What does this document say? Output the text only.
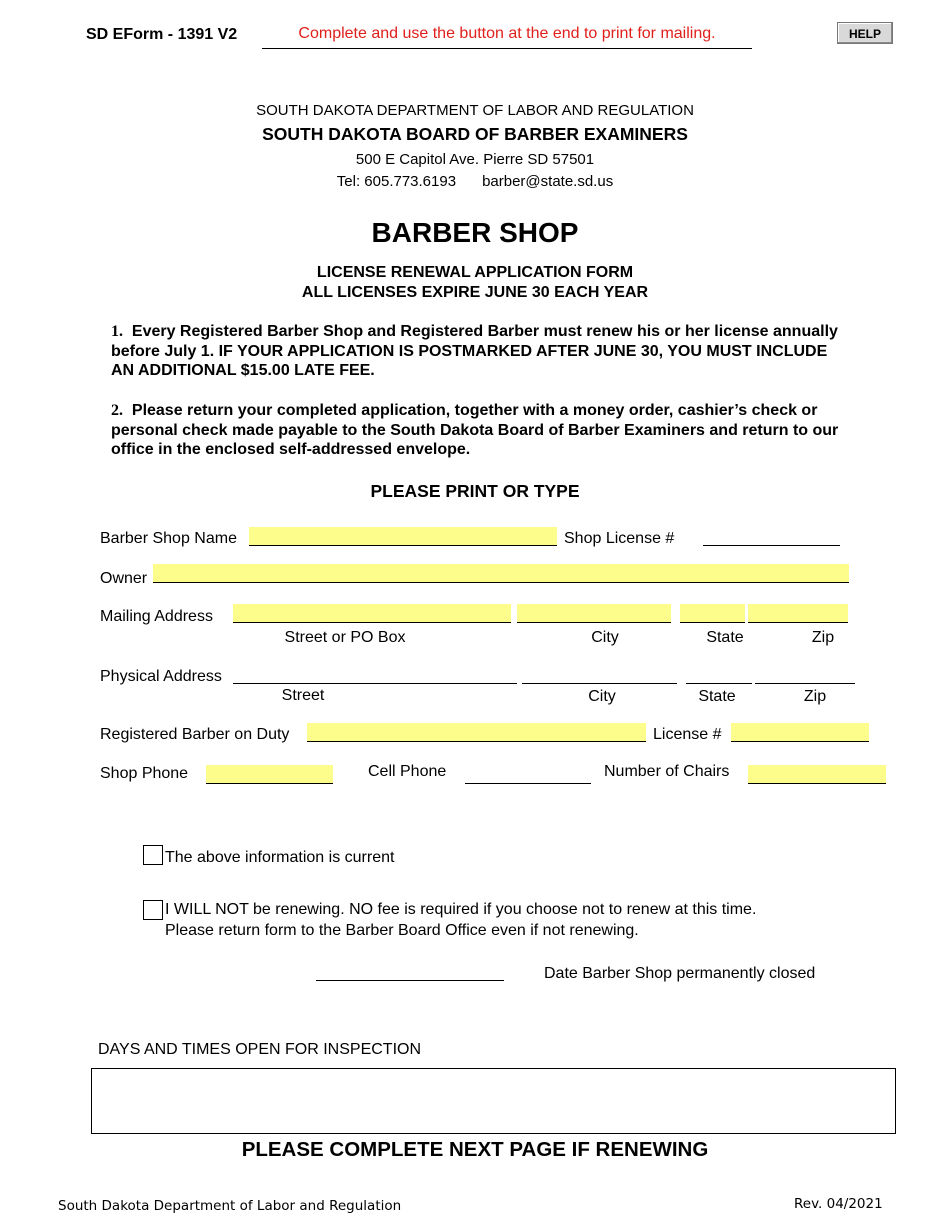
SD EForm - 1391 V2	Complete and use the button at the end to print for mailing.	HELP
SOUTH DAKOTA DEPARTMENT OF LABOR AND REGULATION
SOUTH DAKOTA BOARD OF BARBER EXAMINERS
500 E Capitol Ave. Pierre SD 57501
Tel: 605.773.6193 barber@state.sd.us
BARBER SHOP
LICENSE RENEWAL APPLICATION FORM
ALL LICENSES EXPIRE JUNE 30 EACH YEAR
1. Every Registered Barber Shop and Registered Barber must renew his or her license annually before July 1. IF YOUR APPLICATION IS POSTMARKED AFTER JUNE 30, YOU MUST INCLUDE AN ADDITIONAL $15.00 LATE FEE.
2. Please return your completed application, together with a money order, cashier’s check or personal check made payable to the South Dakota Board of Barber Examiners and return to our office in the enclosed self-addressed envelope.
PLEASE PRINT OR TYPE
Barber Shop Name	Shop License #
Owner
Mailing Address
Street or PO Box	City	State	Zip
Physical Address
Street	City	State	Zip
Registered Barber on Duty	License #
Shop Phone	Cell Phone	Number of Chairs
The above information is current
I WILL NOT be renewing. NO fee is required if you choose not to renew at this time.
Please return form to the Barber Board Office even if not renewing.
Date Barber Shop permanently closed
DAYS AND TIMES OPEN FOR INSPECTION
PLEASE COMPLETE NEXT PAGE IF RENEWING
South Dakota Department of Labor and Regulation	Rev. 04/2021
